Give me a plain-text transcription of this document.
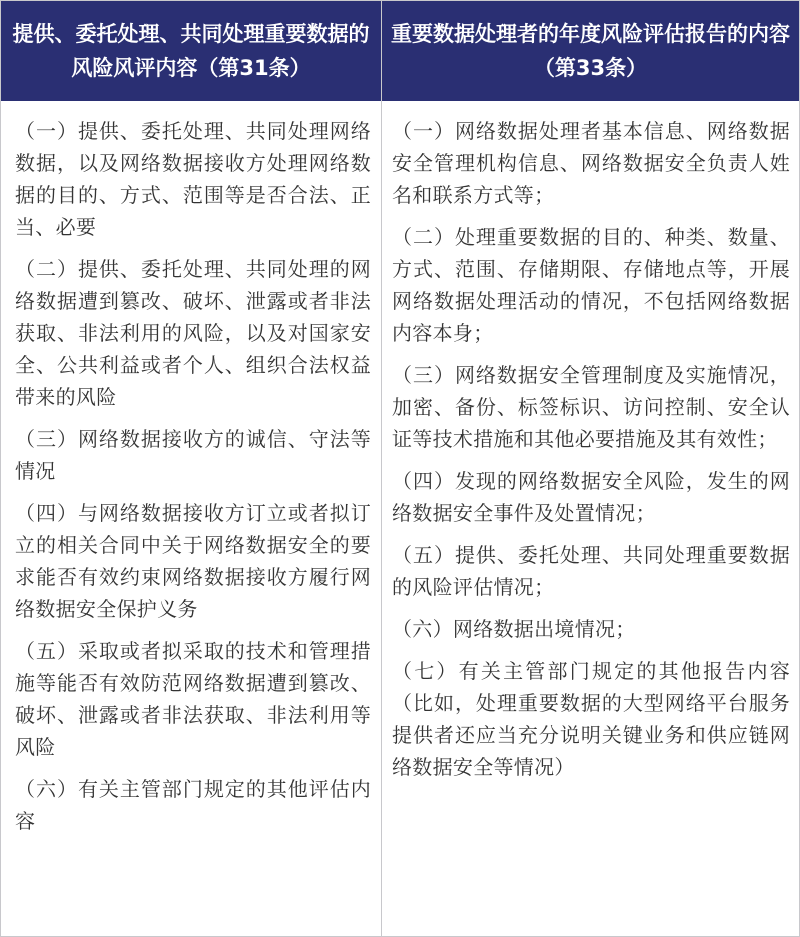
提供、委托处理、共同处理重要数据的风险风评内容（第31条）
重要数据处理者的年度风险评估报告的内容（第33条）

（一）提供、委托处理、共同处理网络数据，以及网络数据接收方处理网络数据的目的、方式、范围等是否合法、正当、必要

（二）提供、委托处理、共同处理的网络数据遭到篡改、破坏、泄露或者非法获取、非法利用的风险，以及对国家安全、公共利益或者个人、组织合法权益带来的风险

（三）网络数据接收方的诚信、守法等情况

（四）与网络数据接收方订立或者拟订立的相关合同中关于网络数据安全的要求能否有效约束网络数据接收方履行网络数据安全保护义务

（五）采取或者拟采取的技术和管理措施等能否有效防范网络数据遭到篡改、破坏、泄露或者非法获取、非法利用等风险

（六）有关主管部门规定的其他评估内容

（一）网络数据处理者基本信息、网络数据安全管理机构信息、网络数据安全负责人姓名和联系方式等；

（二）处理重要数据的目的、种类、数量、方式、范围、存储期限、存储地点等，开展网络数据处理活动的情况，不包括网络数据内容本身；

（三）网络数据安全管理制度及实施情况，加密、备份、标签标识、访问控制、安全认证等技术措施和其他必要措施及其有效性；

（四）发现的网络数据安全风险，发生的网络数据安全事件及处置情况；

（五）提供、委托处理、共同处理重要数据的风险评估情况；

（六）网络数据出境情况；

（七）有关主管部门规定的其他报告内容（比如，处理重要数据的大型网络平台服务提供者还应当充分说明关键业务和供应链网络数据安全等情况）
